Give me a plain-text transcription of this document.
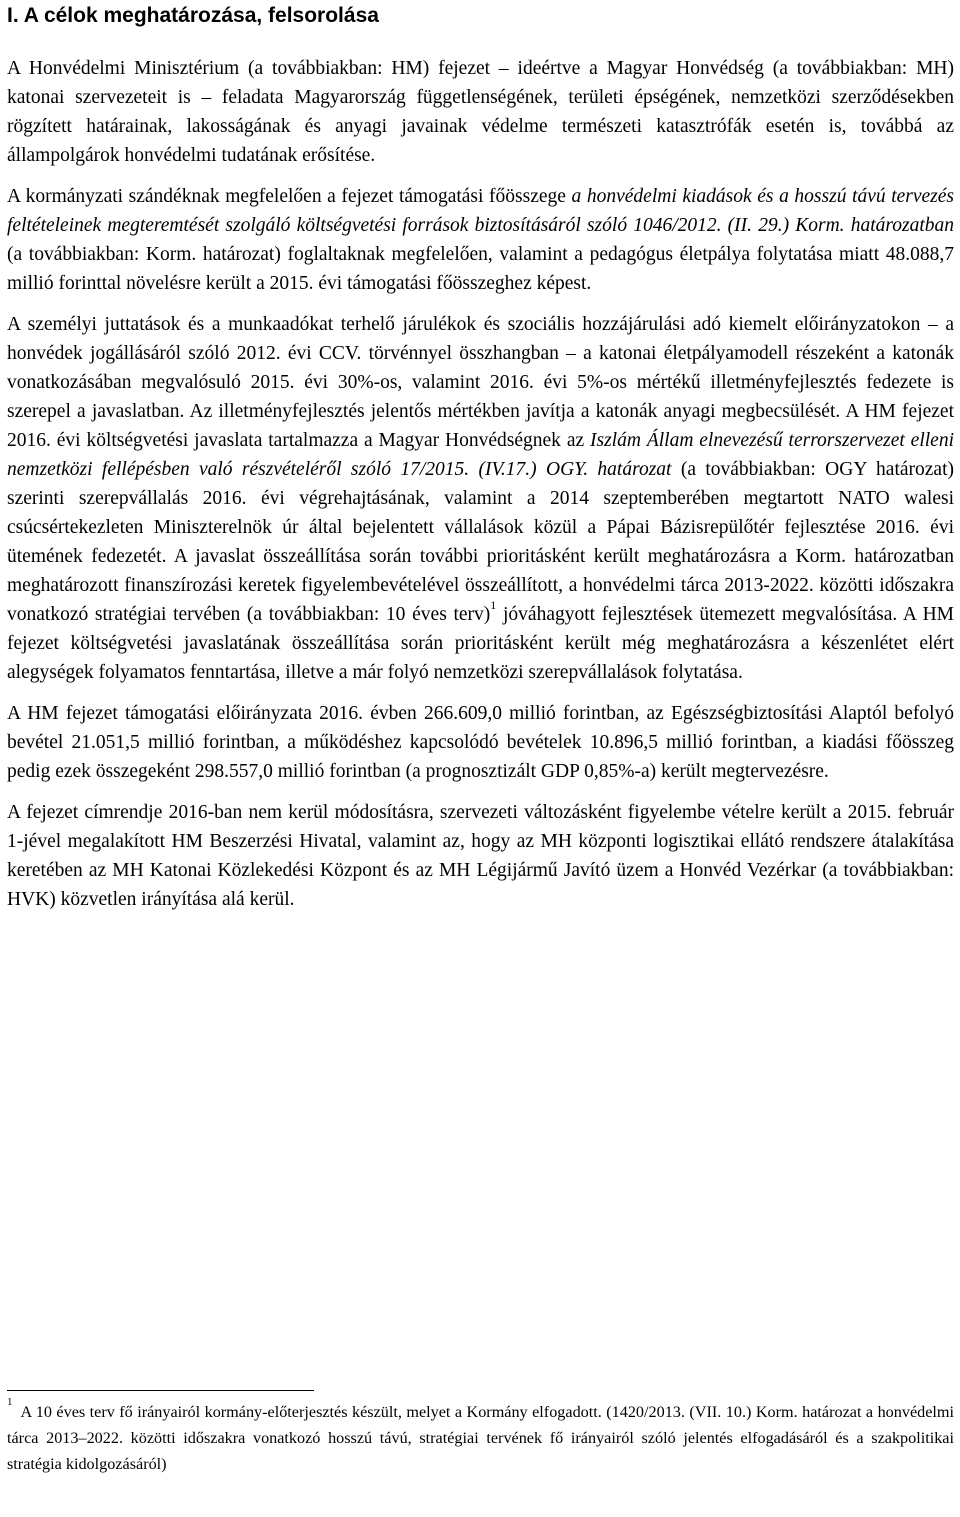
I. A célok meghatározása, felsorolása

A Honvédelmi Minisztérium (a továbbiakban: HM) fejezet – ideértve a Magyar Honvédség (a továbbiakban: MH) katonai szervezeteit is – feladata Magyarország függetlenségének, területi épségének, nemzetközi szerződésekben rögzített határainak, lakosságának és anyagi javainak védelme természeti katasztrófák esetén is, továbbá az állampolgárok honvédelmi tudatának erősítése.

A kormányzati szándéknak megfelelően a fejezet támogatási főösszege a honvédelmi kiadások és a hosszú távú tervezés feltételeinek megteremtését szolgáló költségvetési források biztosításáról szóló 1046/2012. (II. 29.) Korm. határozatban (a továbbiakban: Korm. határozat) foglaltaknak megfelelően, valamint a pedagógus életpálya folytatása miatt 48.088,7 millió forinttal növelésre került a 2015. évi támogatási főösszeghez képest.

A személyi juttatások és a munkaadókat terhelő járulékok és szociális hozzájárulási adó kiemelt előirányzatokon – a honvédek jogállásáról szóló 2012. évi CCV. törvénnyel összhangban – a katonai életpályamodell részeként a katonák vonatkozásában megvalósuló 2015. évi 30%-os, valamint 2016. évi 5%-os mértékű illetményfejlesztés fedezete is szerepel a javaslatban. Az illetményfejlesztés jelentős mértékben javítja a katonák anyagi megbecsülését. A HM fejezet 2016. évi költségvetési javaslata tartalmazza a Magyar Honvédségnek az Iszlám Állam elnevezésű terrorszervezet elleni nemzetközi fellépésben való részvételéről szóló 17/2015. (IV.17.) OGY. határozat (a továbbiakban: OGY határozat) szerinti szerepvállalás 2016. évi végrehajtásának, valamint a 2014 szeptemberében megtartott NATO walesi csúcsértekezleten Miniszterelnök úr által bejelentett vállalások közül a Pápai Bázisrepülőtér fejlesztése 2016. évi ütemének fedezetét. A javaslat összeállítása során további prioritásként került meghatározásra a Korm. határozatban meghatározott finanszírozási keretek figyelembevételével összeállított, a honvédelmi tárca 2013-2022. közötti időszakra vonatkozó stratégiai tervében (a továbbiakban: 10 éves terv)$^1$ jóváhagyott fejlesztések ütemezett megvalósítása. A HM fejezet költségvetési javaslatának összeállítása során prioritásként került még meghatározásra a készenlétet elért alegységek folyamatos fenntartása, illetve a már folyó nemzetközi szerepvállalások folytatása.

A HM fejezet támogatási előirányzata 2016. évben 266.609,0 millió forintban, az Egészségbiztosítási Alaptól befolyó bevétel 21.051,5 millió forintban, a működéshez kapcsolódó bevételek 10.896,5 millió forintban, a kiadási főösszeg pedig ezek összegeként 298.557,0 millió forintban (a prognosztizált GDP 0,85%-a) került megtervezésre.

A fejezet címrendje 2016-ban nem kerül módosításra, szervezeti változásként figyelembe vételre került a 2015. február 1-jével megalakított HM Beszerzési Hivatal, valamint az, hogy az MH központi logisztikai ellátó rendszere átalakítása keretében az MH Katonai Közlekedési Központ és az MH Légijármű Javító üzem a Honvéd Vezérkar (a továbbiakban: HVK) közvetlen irányítása alá kerül.

$^1$A 10 éves terv fő irányairól kormány-előterjesztés készült, melyet a Kormány elfogadott. (1420/2013. (VII. 10.) Korm. határozat a honvédelmi tárca 2013–2022. közötti időszakra vonatkozó hosszú távú, stratégiai tervének fő irányairól szóló jelentés elfogadásáról és a szakpolitikai stratégia kidolgozásáról)
